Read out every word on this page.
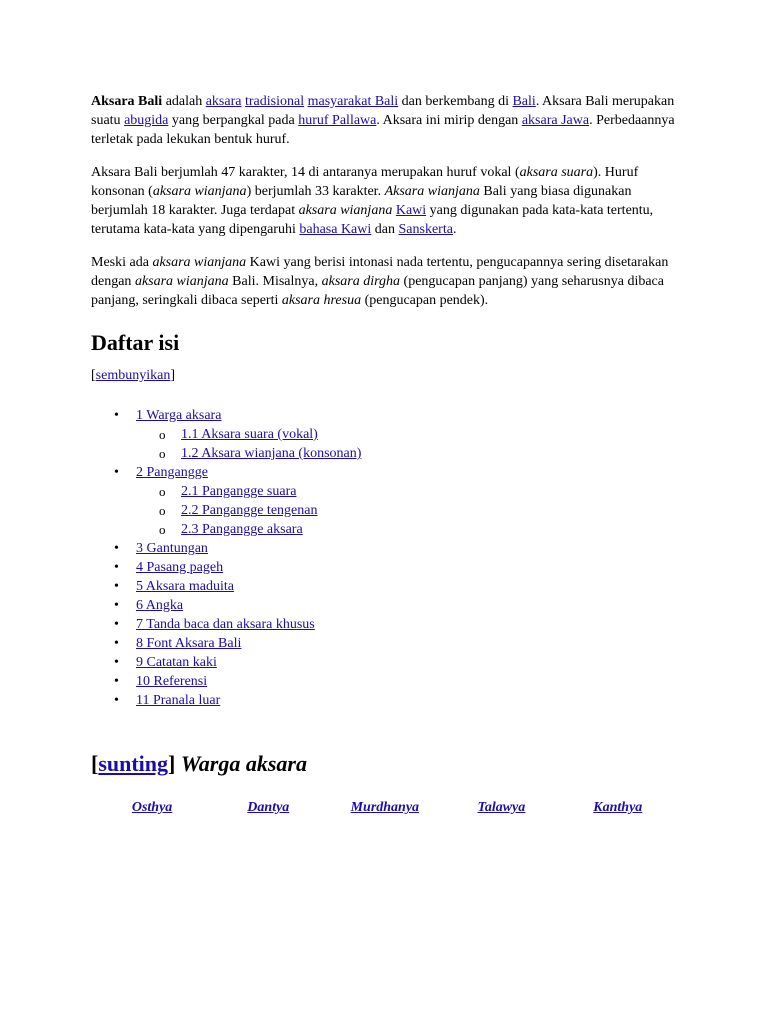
Aksara Bali adalah aksara tradisional masyarakat Bali dan berkembang di Bali. Aksara Bali merupakan suatu abugida yang berpangkal pada huruf Pallawa. Aksara ini mirip dengan aksara Jawa. Perbedaannya terletak pada lekukan bentuk huruf.

Aksara Bali berjumlah 47 karakter, 14 di antaranya merupakan huruf vokal (aksara suara). Huruf konsonan (aksara wianjana) berjumlah 33 karakter. Aksara wianjana Bali yang biasa digunakan berjumlah 18 karakter. Juga terdapat aksara wianjana Kawi yang digunakan pada kata-kata tertentu, terutama kata-kata yang dipengaruhi bahasa Kawi dan Sanskerta.

Meski ada aksara wianjana Kawi yang berisi intonasi nada tertentu, pengucapannya sering disetarakan dengan aksara wianjana Bali. Misalnya, aksara dirgha (pengucapan panjang) yang seharusnya dibaca panjang, seringkali dibaca seperti aksara hresua (pengucapan pendek).

Daftar isi
[sembunyikan]
• 1 Warga aksara
o 1.1 Aksara suara (vokal)
o 1.2 Aksara wianjana (konsonan)
• 2 Pangangge
o 2.1 Pangangge suara
o 2.2 Pangangge tengenan
o 2.3 Pangangge aksara
• 3 Gantungan
• 4 Pasang pageh
• 5 Aksara maduita
• 6 Angka
• 7 Tanda baca dan aksara khusus
• 8 Font Aksara Bali
• 9 Catatan kaki
• 10 Referensi
• 11 Pranala luar
[sunting] Warga aksara
Osthya	Dantya	Murdhanya	Talawya	Kanthya
